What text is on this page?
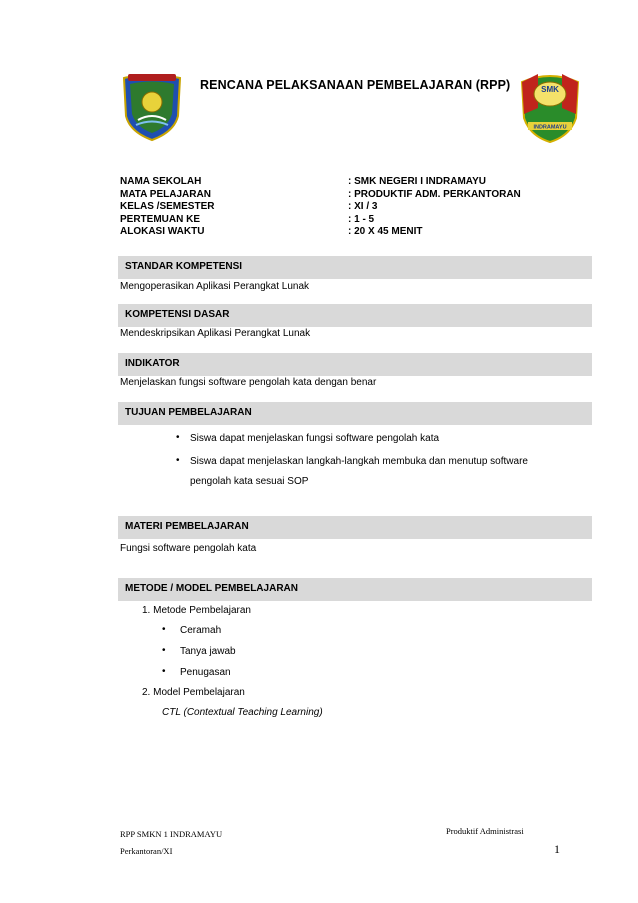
RENCANA PELAKSANAAN PEMBELAJARAN (RPP)	SMK
INDRAMAYU
NAMA SEKOLAH	: SMK NEGERI I INDRAMAYU
MATA PELAJARAN	: PRODUKTIF ADM. PERKANTORAN
KELAS /SEMESTER	: XI / 3
PERTEMUAN KE	: 1 - 5
ALOKASI WAKTU	: 20 X 45 MENIT
STANDAR KOMPETENSI
Mengoperasikan Aplikasi Perangkat Lunak
KOMPETENSI DASAR
Mendeskripsikan Aplikasi Perangkat Lunak
INDIKATOR
Menjelaskan fungsi software pengolah kata dengan benar
TUJUAN PEMBELAJARAN
• Siswa dapat menjelaskan fungsi software pengolah kata
• Siswa dapat menjelaskan langkah-langkah membuka dan menutup software
pengolah kata sesuai SOP
MATERI PEMBELAJARAN
Fungsi software pengolah kata
METODE / MODEL PEMBELAJARAN
1. Metode Pembelajaran
• Ceramah
• Tanya jawab
• Penugasan
2. Model Pembelajaran
CTL (Contextual Teaching Learning)
RPP SMKN 1 INDRAMAYU
Perkantoran/XI
Produktif Administrasi
1
